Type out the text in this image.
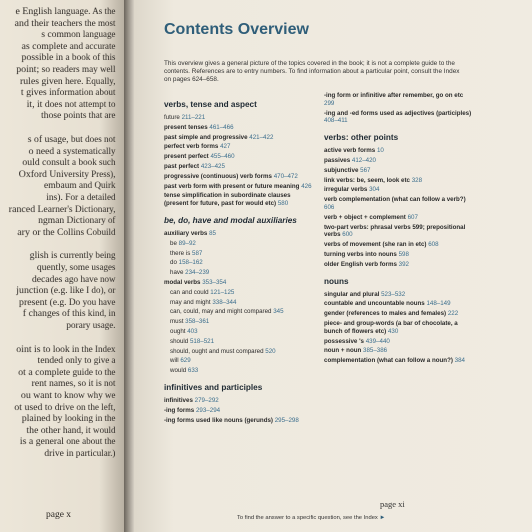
e English language. As the
and their teachers the most
s common language
as complete and accurate
possible in a book of this
point; so readers may well
rules given here. Equally,
t gives information about
it, it does not attempt to
those points that are
s of usage, but does not
o need a systematically
ould consult a book such
Oxford University Press),
embaum and Quirk
ins). For a detailed
ranced Learner's Dictionary,
ngman Dictionary of
ary or the Collins Cobuild
glish is currently being
quently, some usages
decades ago have now
junction (e.g. like I do), or
present (e.g. Do you have
f changes of this kind, in
porary usage.
oint is to look in the Index
tended only to give a
ot a complete guide to the
rent names, so it is not
ou want to know why we
ot used to drive on the left,
plained by looking in the
the other hand, it would
is a general one about the
drive in particular.)
page x
Contents Overview
This overview gives a general picture of the topics covered in the book; it is not a complete guide to the contents. References are to entry numbers. To find information about a particular point, consult the Index on pages 624–658.
verbs, tense and aspect
future 211–221
present tenses 461–466
past simple and progressive 421–422
perfect verb forms 427
present perfect 455–460
past perfect 423–425
progressive (continuous) verb forms 470–472
past verb form with present or future meaning 426
tense simplification in subordinate clauses (present for future, past for would etc) 580
be, do, have and modal auxiliaries
auxiliary verbs 85
be 89–92
there is 587
do 158–162
have 234–239
modal verbs 353–354
can and could 121–125
may and might 338–344
can, could, may and might compared 345
must 358–361
ought 403
should 518–521
should, ought and must compared 520
will 629
would 633
infinitives and participles
infinitives 279–292
-ing forms 293–294
-ing forms used like nouns (gerunds) 295–298
-ing form or infinitive after remember, go on etc 299
-ing and -ed forms used as adjectives (participles) 408–411
verbs: other points
active verb forms 10
passives 412–420
subjunctive 567
link verbs: be, seem, look etc 328
irregular verbs 304
verb complementation (what can follow a verb?) 606
verb + object + complement 607
two-part verbs: phrasal verbs 599; prepositional verbs 600
verbs of movement (she ran in etc) 608
turning verbs into nouns 598
older English verb forms 392
nouns
singular and plural 523–532
countable and uncountable nouns 148–149
gender (references to males and females) 222
piece- and group-words (a bar of chocolate, a bunch of flowers etc) 430
possessive 's 439–440
noun + noun 385–386
complementation (what can follow a noun?) 384
page xi
To find the answer to a specific question, see the Index ►
